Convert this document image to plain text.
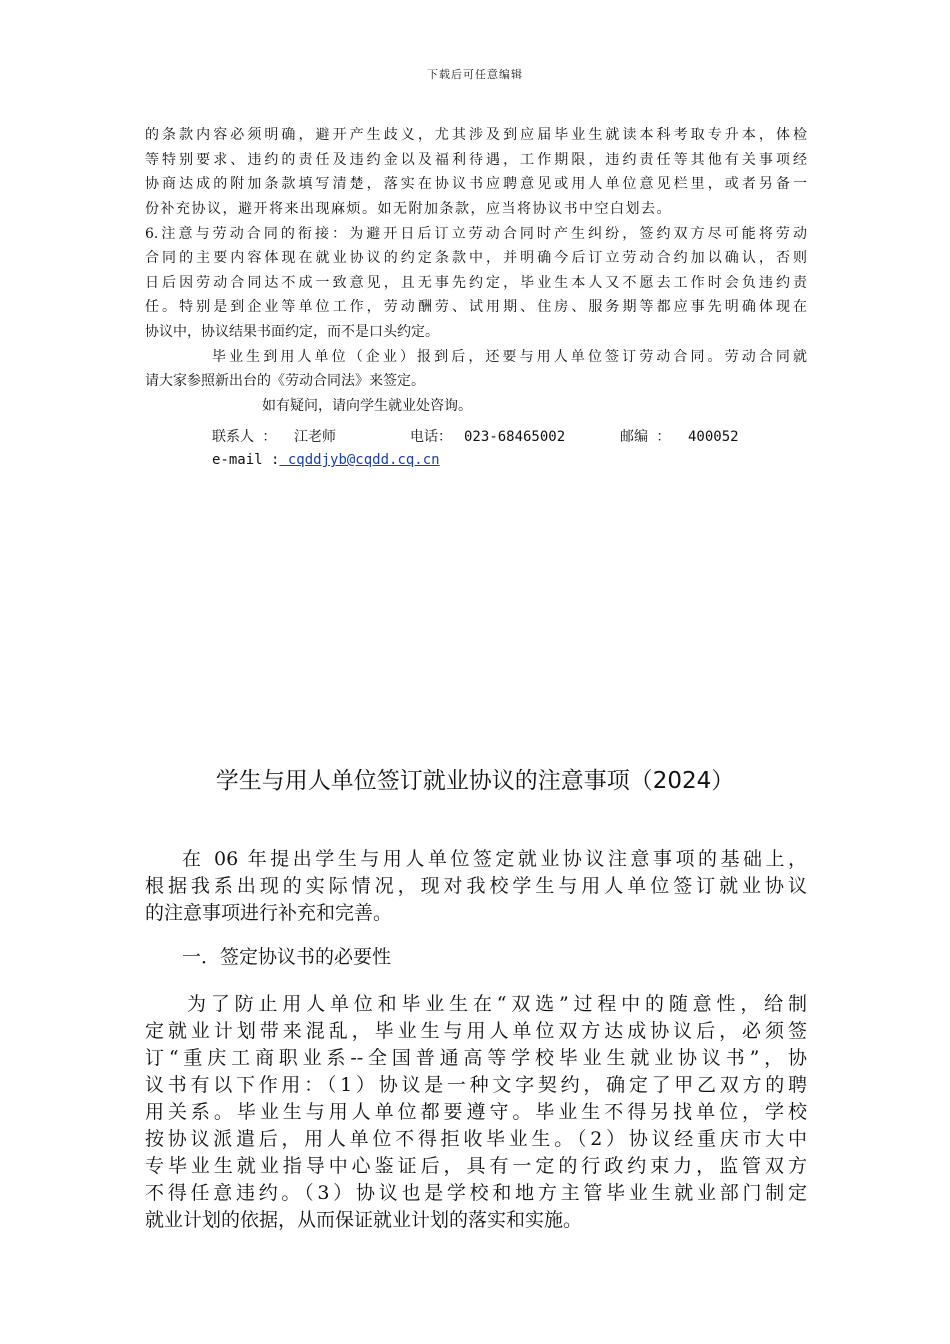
下载后可任意编辑
的条款内容必须明确，避开产生歧义，尤其涉及到应届毕业生就读本科考取专升本，体检
等特别要求、违约的责任及违约金以及福利待遇，工作期限，违约责任等其他有关事项经
协商达成的附加条款填写清楚，落实在协议书应聘意见或用人单位意见栏里，或者另备一
份补充协议，避开将来出现麻烦。如无附加条款，应当将协议书中空白划去。
6.注意与劳动合同的衔接：为避开日后订立劳动合同时产生纠纷，签约双方尽可能将劳动
合同的主要内容体现在就业协议的约定条款中，并明确今后订立劳动合约加以确认，否则
日后因劳动合同达不成一致意见，且无事先约定，毕业生本人又不愿去工作时会负违约责
任。特别是到企业等单位工作，劳动酬劳、试用期、住房、服务期等都应事先明确体现在
协议中，协议结果书面约定，而不是口头约定。
毕业生到用人单位（企业）报到后，还要与用人单位签订劳动合同。劳动合同就
请大家参照新出台的《劳动合同法》来签定。
如有疑问，请向学生就业处咨询。
联系人 ： 江老师	电话： 023-68465002	邮编 ： 400052
e-mail : cqddjyb@cqdd.cq.cn
学生与用人单位签订就业协议的注意事项（2024）
在 06 年提出学生与用人单位签定就业协议注意事项的基础上，
根据我系出现的实际情况，现对我校学生与用人单位签订就业协议
的注意事项进行补充和完善。
一．签定协议书的必要性
为了防止用人单位和毕业生在“双选”过程中的随意性，给制
定就业计划带来混乱，毕业生与用人单位双方达成协议后，必须签
订“重庆工商职业系--全国普通高等学校毕业生就业协议书”，协
议书有以下作用：（1）协议是一种文字契约，确定了甲乙双方的聘
用关系。毕业生与用人单位都要遵守。毕业生不得另找单位，学校
按协议派遣后，用人单位不得拒收毕业生。（2）协议经重庆市大中
专毕业生就业指导中心鉴证后，具有一定的行政约束力，监管双方
不得任意违约。（3）协议也是学校和地方主管毕业生就业部门制定
就业计划的依据，从而保证就业计划的落实和实施。
